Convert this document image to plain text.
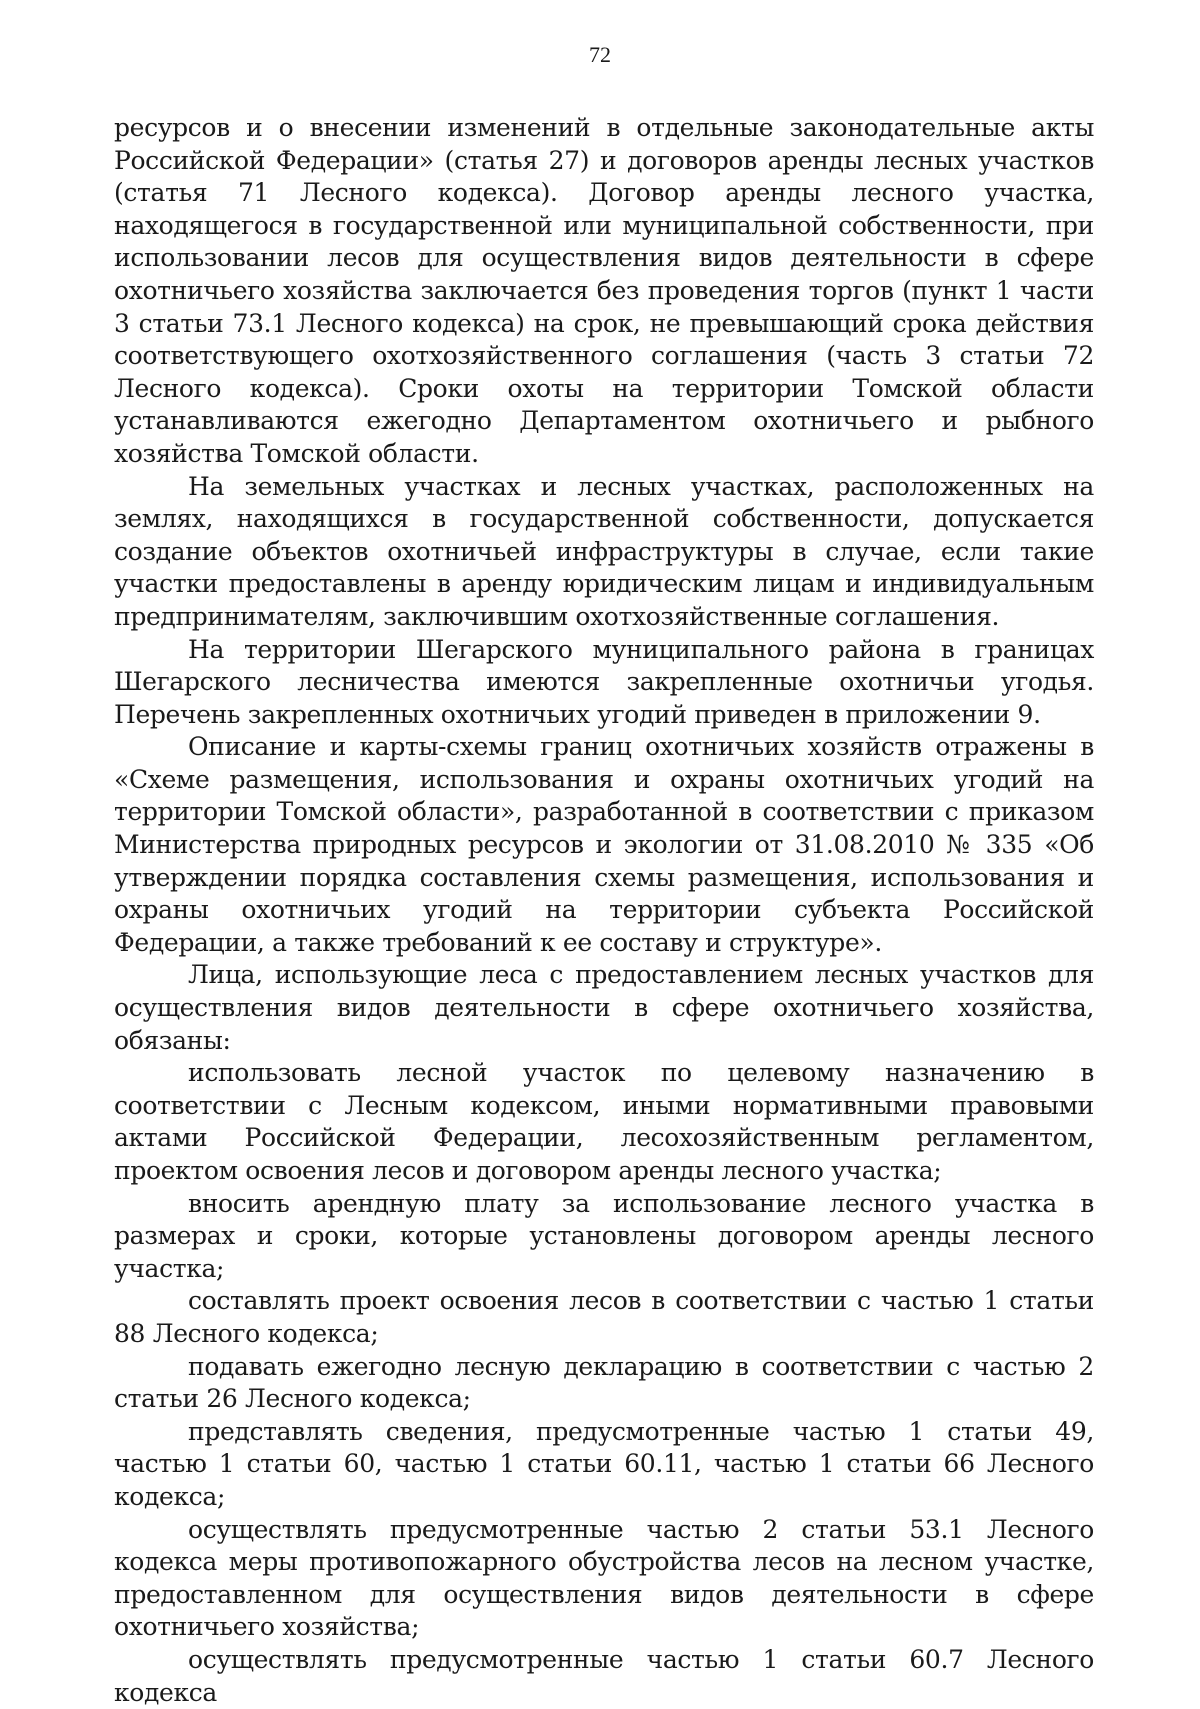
72

ресурсов и о внесении изменений в отдельные законодательные акты Российской Федерации» (статья 27) и договоров аренды лесных участков (статья 71 Лесного кодекса). Договор аренды лесного участка, находящегося в государственной или муниципальной собственности, при использовании лесов для осуществления видов деятельности в сфере охотничьего хозяйства заключается без проведения торгов (пункт 1 части 3 статьи 73.1 Лесного кодекса) на срок, не превышающий срока действия соответствующего охотхозяйственного соглашения (часть 3 статьи 72 Лесного кодекса). Сроки охоты на территории Томской области устанавливаются ежегодно Департаментом охотничьего и рыбного хозяйства Томской области.

На земельных участках и лесных участках, расположенных на землях, находящихся в государственной собственности, допускается создание объектов охотничьей инфраструктуры в случае, если такие участки предоставлены в аренду юридическим лицам и индивидуальным предпринимателям, заключившим охотхозяйственные соглашения.

На территории Шегарского муниципального района в границах Шегарского лесничества имеются закрепленные охотничьи угодья. Перечень закрепленных охотничьих угодий приведен в приложении 9.

Описание и карты-схемы границ охотничьих хозяйств отражены в «Схеме размещения, использования и охраны охотничьих угодий на территории Томской области», разработанной в соответствии с приказом Министерства природных ресурсов и экологии от 31.08.2010 № 335 «Об утверждении порядка составления схемы размещения, использования и охраны охотничьих угодий на территории субъекта Российской Федерации, а также требований к ее составу и структуре».

Лица, использующие леса с предоставлением лесных участков для осуществления видов деятельности в сфере охотничьего хозяйства, обязаны:

использовать лесной участок по целевому назначению в соответствии с Лесным кодексом, иными нормативными правовыми актами Российской Федерации, лесохозяйственным регламентом, проектом освоения лесов и договором аренды лесного участка;

вносить арендную плату за использование лесного участка в размерах и сроки, которые установлены договором аренды лесного участка;

составлять проект освоения лесов в соответствии с частью 1 статьи 88 Лесного кодекса;

подавать ежегодно лесную декларацию в соответствии с частью 2 статьи 26 Лесного кодекса;

представлять сведения, предусмотренные частью 1 статьи 49, частью 1 статьи 60, частью 1 статьи 60.11, частью 1 статьи 66 Лесного кодекса;

осуществлять предусмотренные частью 2 статьи 53.1 Лесного кодекса меры противопожарного обустройства лесов на лесном участке, предоставленном для осуществления видов деятельности в сфере охотничьего хозяйства;

осуществлять предусмотренные частью 1 статьи 60.7 Лесного кодекса
